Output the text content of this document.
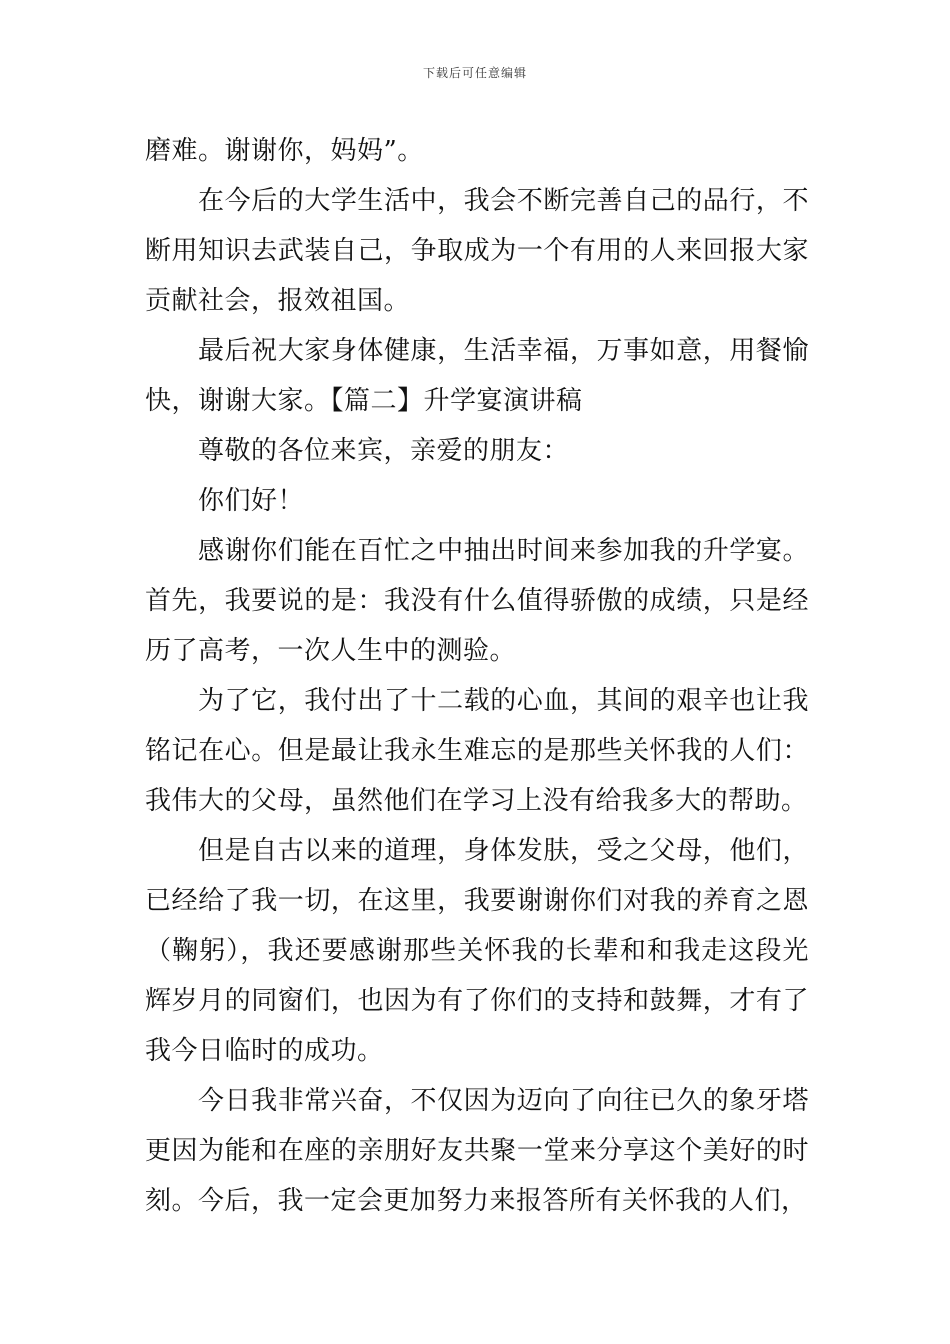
下载后可任意编辑

磨难。谢谢你，妈妈”。

在今后的大学生活中，我会不断完善自己的品行，不断用知识去武装自己，争取成为一个有用的人来回报大家贡献社会，报效祖国。

最后祝大家身体健康，生活幸福，万事如意，用餐愉快，谢谢大家。【篇二】升学宴演讲稿

尊敬的各位来宾，亲爱的朋友：

你们好！

感谢你们能在百忙之中抽出时间来参加我的升学宴。首先，我要说的是：我没有什么值得骄傲的成绩，只是经历了高考，一次人生中的测验。

为了它，我付出了十二载的心血，其间的艰辛也让我铭记在心。但是最让我永生难忘的是那些关怀我的人们：我伟大的父母，虽然他们在学习上没有给我多大的帮助。

但是自古以来的道理，身体发肤，受之父母，他们，已经给了我一切，在这里，我要谢谢你们对我的养育之恩（鞠躬），我还要感谢那些关怀我的长辈和和我走这段光辉岁月的同窗们，也因为有了你们的支持和鼓舞，才有了我今日临时的成功。

今日我非常兴奋，不仅因为迈向了向往已久的象牙塔更因为能和在座的亲朋好友共聚一堂来分享这个美好的时刻。今后，我一定会更加努力来报答所有关怀我的人们，
